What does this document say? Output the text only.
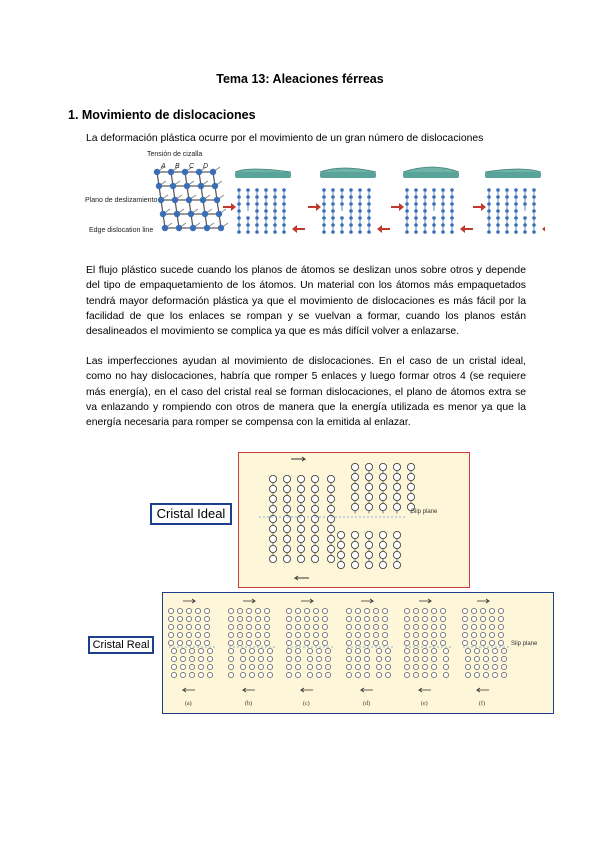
Tema 13: Aleaciones férreas
1. Movimiento de dislocaciones
La deformación plástica ocurre por el movimiento de un gran número de dislocaciones
Tensión de cizalla
Plano de deslizamiento
Edge dislocation line
A B C D
El flujo plástico sucede cuando los planos de átomos se deslizan unos sobre otros y depende del tipo de empaquetamiento de los átomos. Un material con los átomos más empaquetados tendrá mayor deformación plástica ya que el movimiento de dislocaciones es más fácil por la facilidad de que los enlaces se rompan y se vuelvan a formar, cuando los planos están desalineados el movimiento se complica ya que es más difícil volver a enlazarse.
Las imperfecciones ayudan al movimiento de dislocaciones. En el caso de un cristal ideal, como no hay dislocaciones, habría que romper 5 enlaces y luego formar otros 4 (se requiere más energía), en el caso del cristal real se forman dislocaciones, el plano de átomos extra se va enlazando y rompiendo con otros de manera que la energía utilizada es menor ya que la energía necesaria para romper se compensa con la emitida al enlazar.
Slip plane
Cristal Ideal
(a)	(b)	(c)	(d)	(e)	(f)
Slip plane
Cristal Real
